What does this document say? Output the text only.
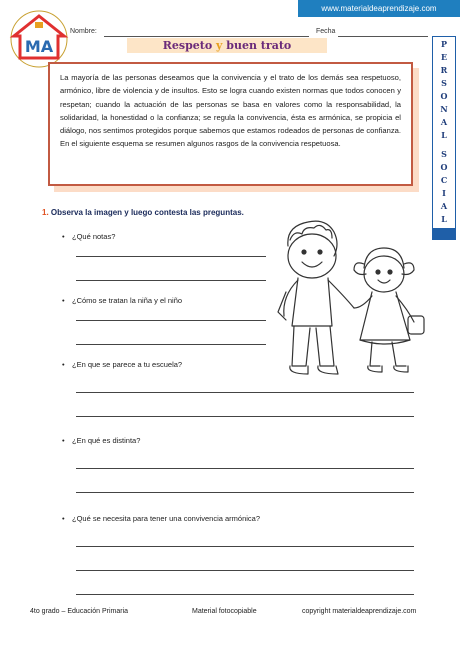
www.materialdeaprendizaje.com
MA
Nombre:	Fecha
Respeto y buen trato
La mayoría de las personas deseamos que la convivencia y el trato de los demás sea respetuoso, armónico, libre de violencia y de insultos. Esto se logra cuando existen normas que todos conocen y respetan; cuando la actuación de las personas se basa en valores como la responsabilidad, la solidaridad, la honestidad o la confianza; se regula la convivencia, ésta es armónica, se propicia el diálogo, nos sentimos protegidos porque sabemos que estamos rodeados de personas de confianza. En el siguiente esquema se resumen algunos rasgos de la convivencia respetuosa.
P
E
R
S
O
N
A
L
S
O
C
I
A
L
1. Observa la imagen y luego contesta las preguntas.
• ¿Qué notas?
• ¿Cómo se tratan la niña y el niño
• ¿En que se parece a tu escuela?
• ¿En qué es distinta?
• ¿Qué se necesita para tener una convivencia armónica?
4to grado – Educación Primaria	Material fotocopiable	copyright materialdeaprendizaje.com
